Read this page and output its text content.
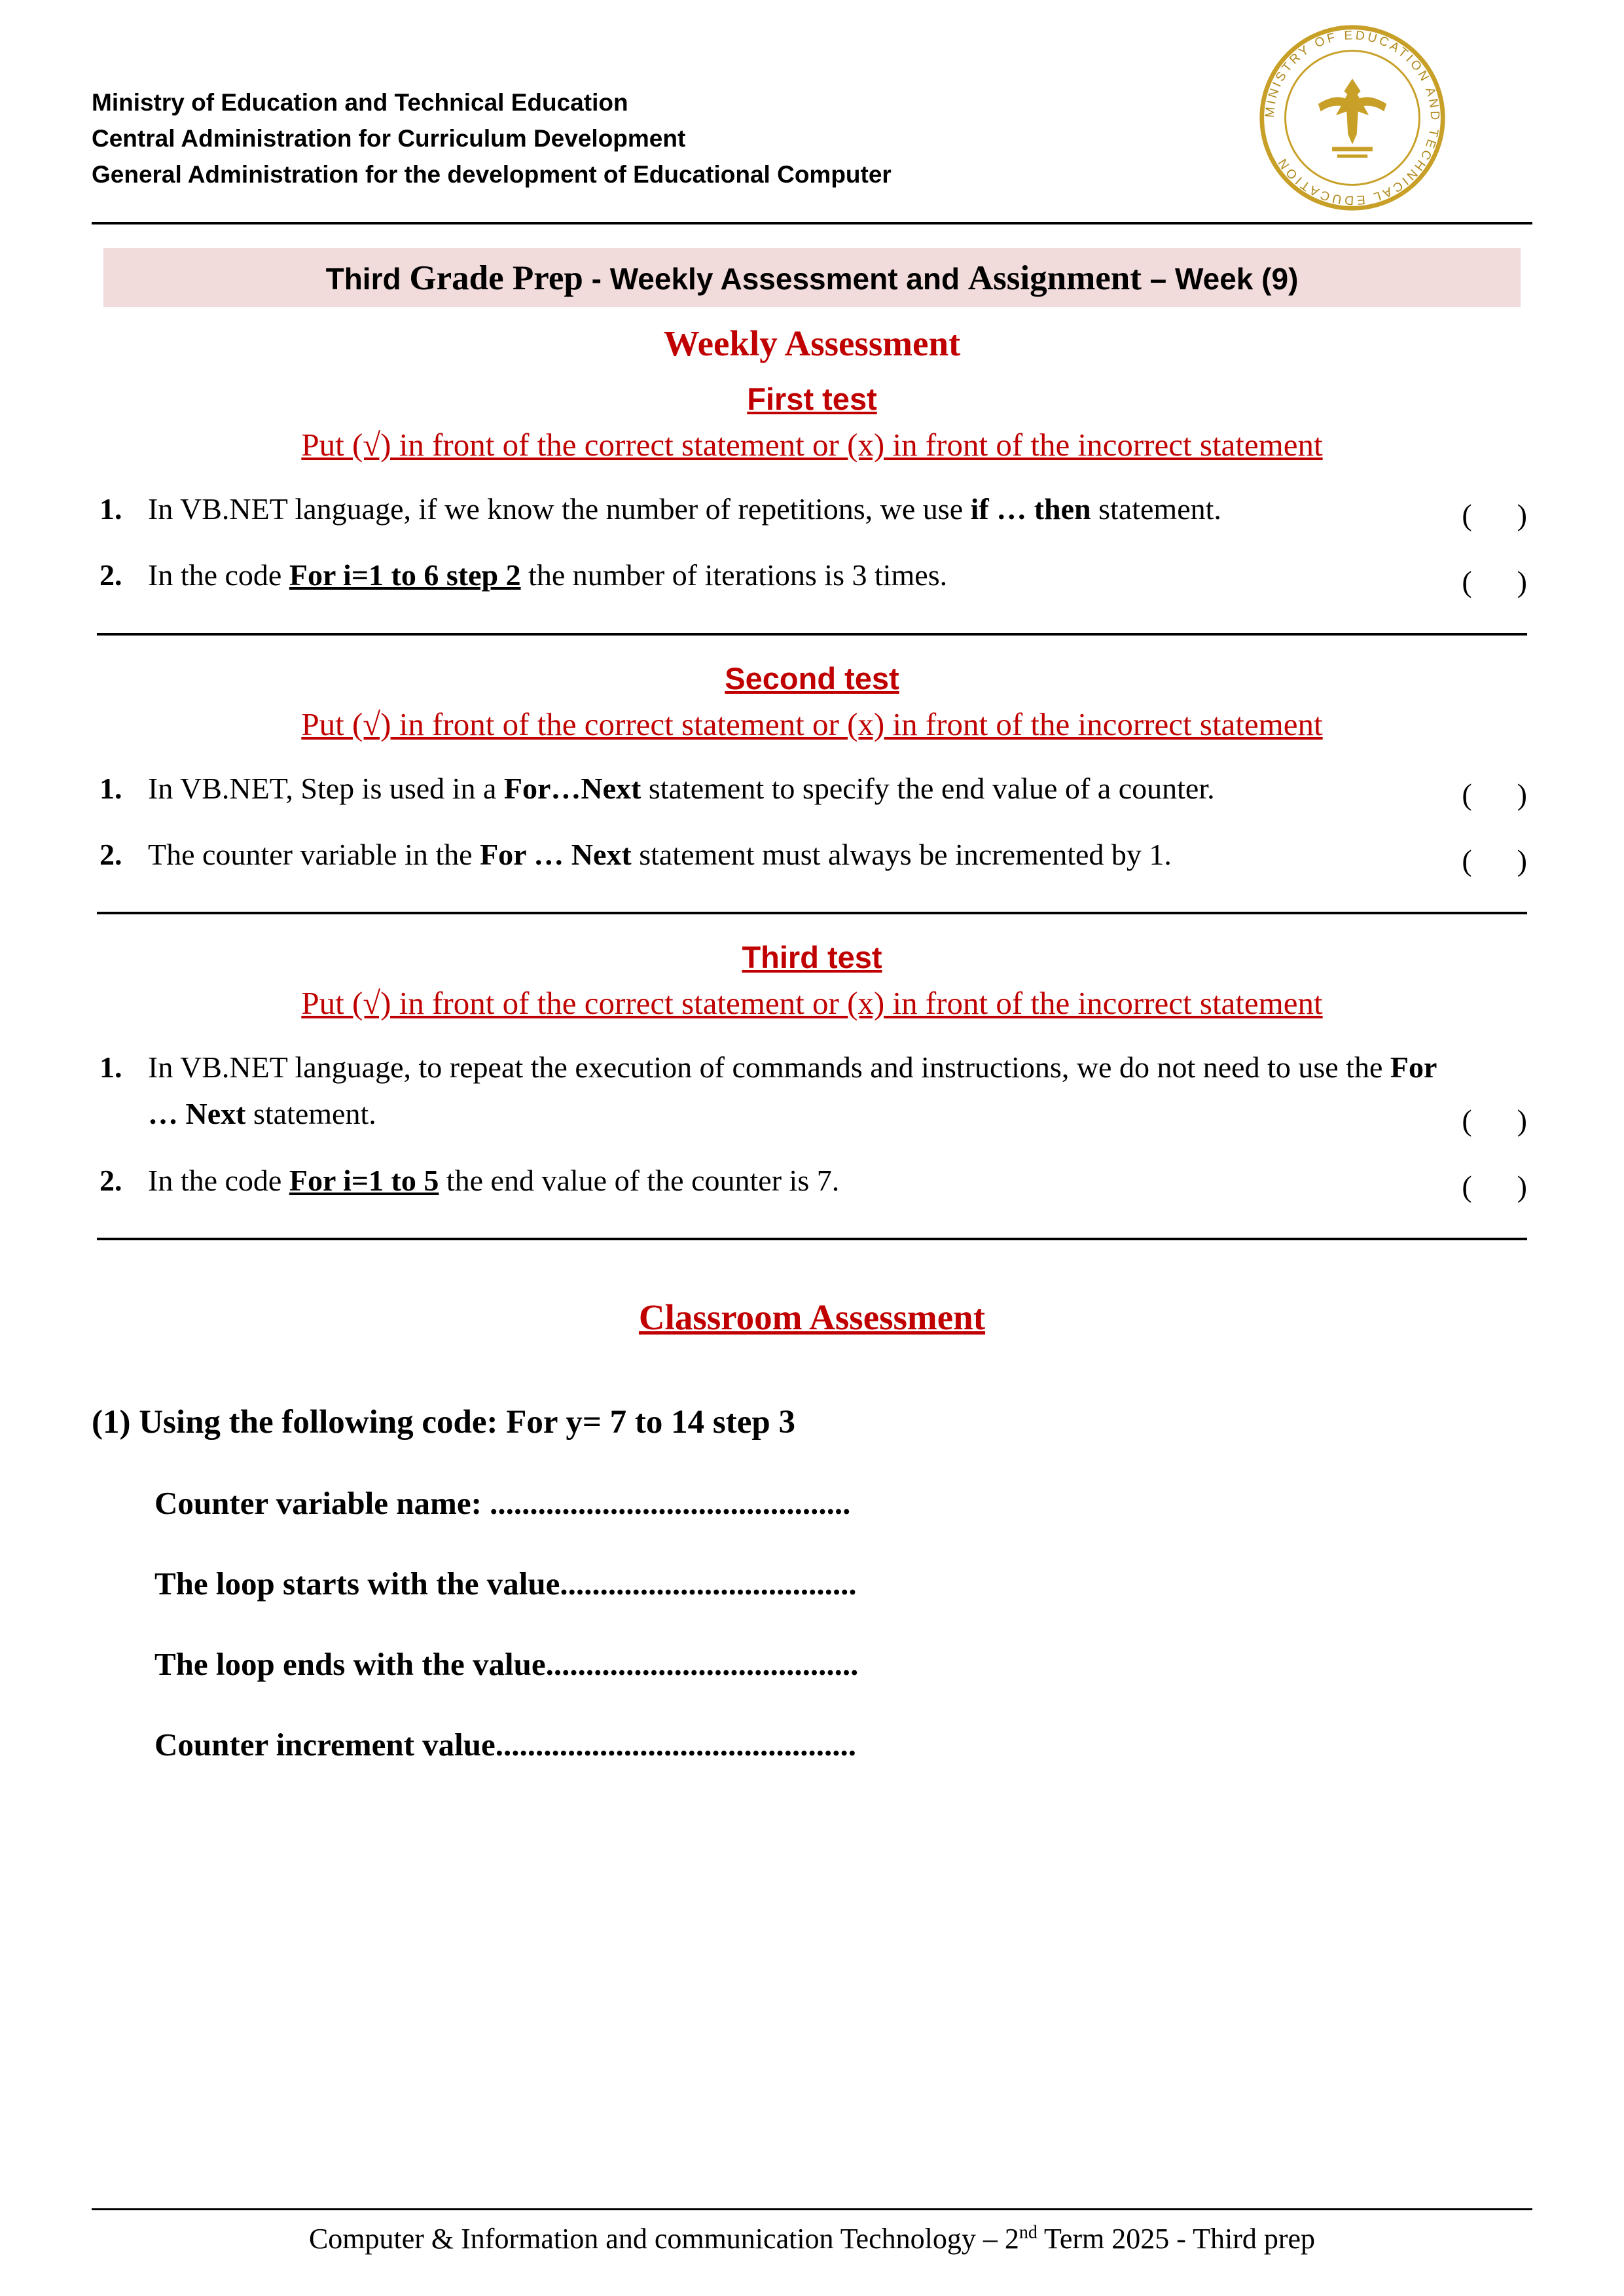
Ministry of Education and Technical Education
Central Administration for Curriculum Development
General Administration for the development of Educational Computer
MINISTRY OF EDUCATION AND TECHNICAL EDUCATION
Third Grade Prep - Weekly Assessment and Assignment – Week (9)
Weekly Assessment
First test
Put (√) in front of the correct statement or (x) in front of the incorrect statement
1. In VB.NET language, if we know the number of repetitions, we use if … then statement.	(      )
2. In the code For i=1 to 6 step 2 the number of iterations is 3 times.	(      )
Second test
Put (√) in front of the correct statement or (x) in front of the incorrect statement
1. In VB.NET, Step is used in a For…Next statement to specify the end value of a counter.	(      )
2. The counter variable in the For … Next statement must always be incremented by 1.	(      )
Third test
Put (√) in front of the correct statement or (x) in front of the incorrect statement
1. In VB.NET language, to repeat the execution of commands and instructions, we do not need to use the For … Next statement.	(      )
2. In the code For i=1 to 5 the end value of the counter is 7.	(      )
Classroom Assessment
(1) Using the following code: For y= 7 to 14 step 3
Counter variable name: .............................................
The loop starts with the value.....................................
The loop ends with the value.......................................
Counter increment value.............................................
Computer & Information and communication Technology – 2nd Term 2025 - Third prep
